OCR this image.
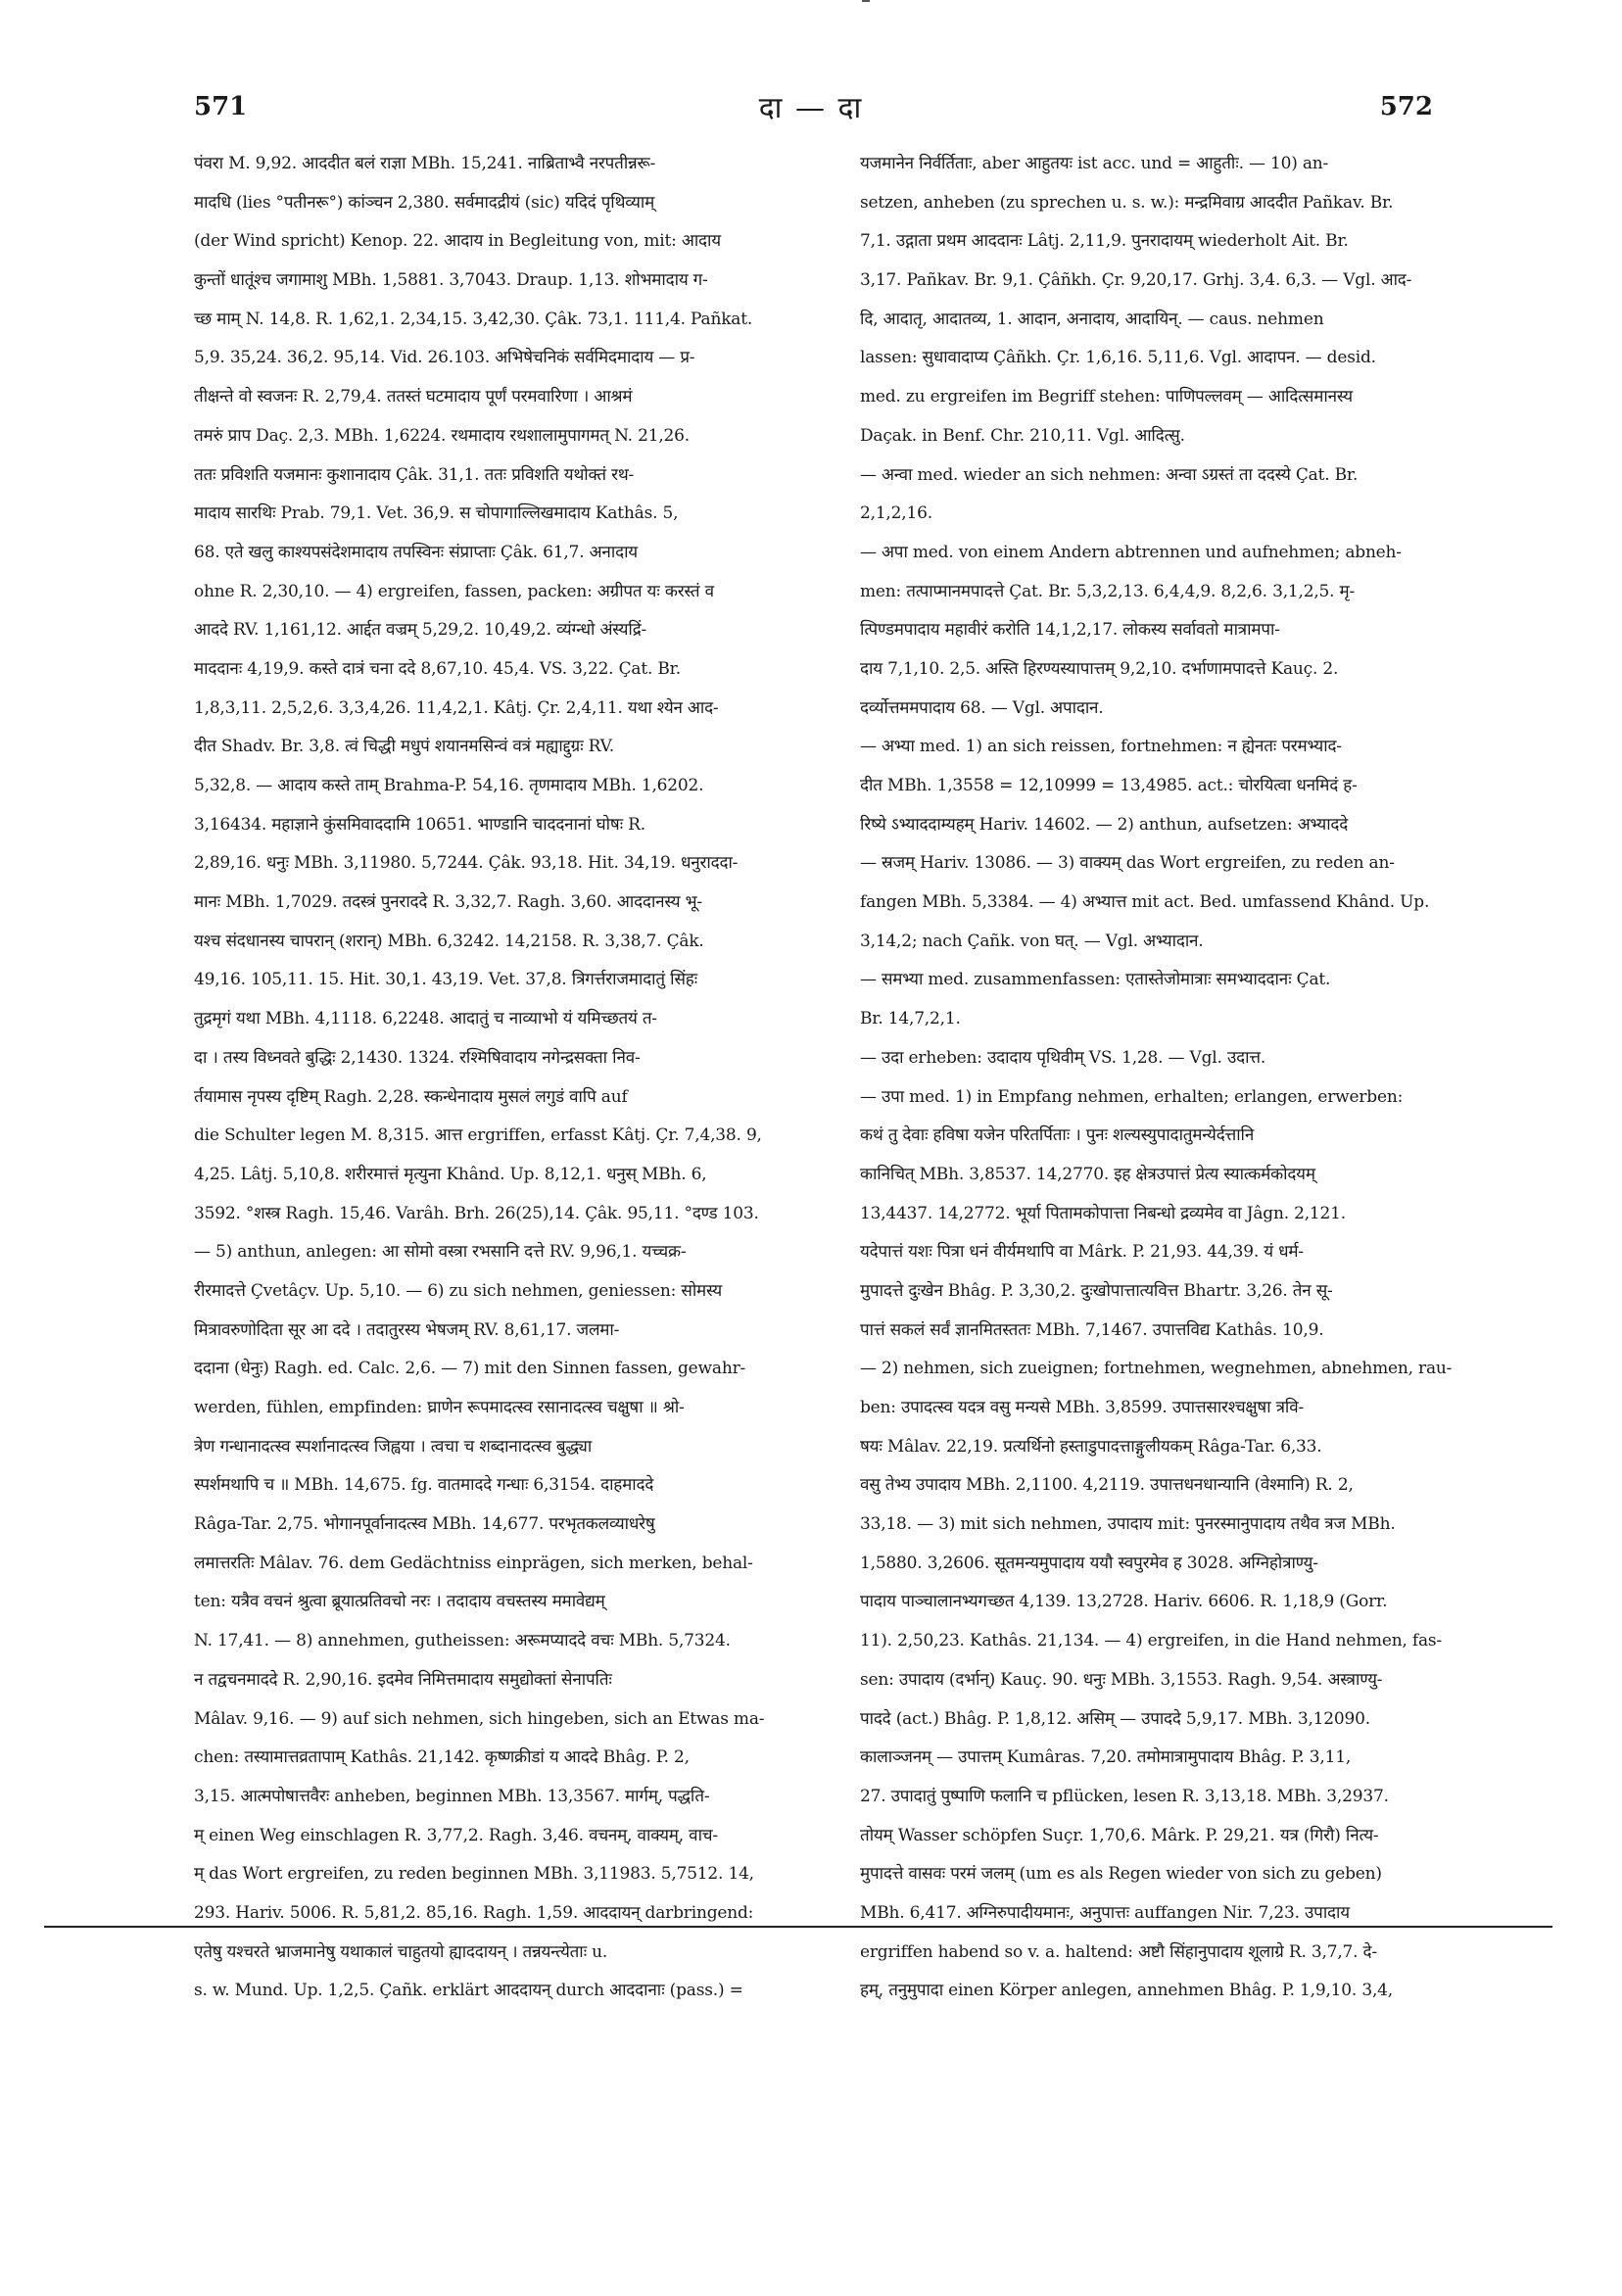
571	दा — दा	572
पंवरा M. 9,92. आददीत बलं राज्ञा MBh. 15,241. नाब्रिताभ्वै नरपतीन्नरू-
मादधि (lies °पतीनरू°) कांञ्चन 2,380. सर्वमादद्रीयं (sic) यदिदं पृथिव्याम्
(der Wind spricht) Kenop. 22. आदाय in Begleitung von, mit: आदाय
कुन्तों धातूंश्च जगामाशु MBh. 1,5881. 3,7043. Draup. 1,13. शोभमादाय ग-
च्छ माम् N. 14,8. R. 1,62,1. 2,34,15. 3,42,30. Çâk. 73,1. 111,4. Pañkat.
5,9. 35,24. 36,2. 95,14. Vid. 26.103. अभिषेचनिकं सर्वमिदमादाय — प्र-
तीक्षन्ते वो स्वजनः R. 2,79,4. ततस्तं घटमादाय पूर्णं परमवारिणा । आश्रमं
तमरुं प्राप Daç. 2,3. MBh. 1,6224. रथमादाय रथशालामुपागमत् N. 21,26.
ततः प्रविशति यजमानः कुशानादाय Çâk. 31,1. ततः प्रविशति यथोक्तं रथ-
मादाय सारथिः Prab. 79,1. Vet. 36,9. स चोपागाल्लिखमादाय Kathâs. 5,
68. एते खलु काश्यपसंदेशमादाय तपस्विनः संप्राप्ताः Çâk. 61,7. अनादाय
ohne R. 2,30,10. — 4) ergreifen, fassen, packen: अग्रीपत यः करस्तं व
आददे RV. 1,161,12. आर्द्दत वज्रम् 5,29,2. 10,49,2. व्यंग्न्धो अंस्यद्रिं-
माददानः 4,19,9. कस्ते दात्रं चना ददे 8,67,10. 45,4. VS. 3,22. Çat. Br.
1,8,3,11. 2,5,2,6. 3,3,4,26. 11,4,2,1. Kâtj. Çr. 2,4,11. यथा श्येन आद-
दीत Shadv. Br. 3,8. त्वं चिद्धी मधुपं शयानमसिन्वं वत्रं मह्याद्दुग्रः RV.
5,32,8. — आदाय कस्ते ताम् Brahma-P. 54,16. तृणमादाय MBh. 1,6202.
3,16434. महाज्ञाने कुंसमिवाददामि 10651. भाण्डानि चाददनानां घोषः R.
2,89,16. धनुः MBh. 3,11980. 5,7244. Çâk. 93,18. Hit. 34,19. धनुराददा-
मानः MBh. 1,7029. तदस्त्रं पुनराददे R. 3,32,7. Ragh. 3,60. आददानस्य भू-
यश्च संदधानस्य चापरान् (शरान्) MBh. 6,3242. 14,2158. R. 3,38,7. Çâk.
49,16. 105,11. 15. Hit. 30,1. 43,19. Vet. 37,8. त्रिगर्त्तराजमादातुं सिंहः
तुद्रमृगं यथा MBh. 4,1118. 6,2248. आदातुं च नाव्याभो यं यमिच्छतयं त-
दा । तस्य विध्नवते बुद्धिः 2,1430. 1324. रश्मिषिवादाय नगेन्द्रसक्ता निव-
र्तयामास नृपस्य दृष्टिम् Ragh. 2,28. स्कन्धेनादाय मुसलं लगुडं वापि auf
die Schulter legen M. 8,315. आत्त ergriffen, erfasst Kâtj. Çr. 7,4,38. 9,
4,25. Lâtj. 5,10,8. शरीरमात्तं मृत्युना Khând. Up. 8,12,1. धनुस् MBh. 6,
3592. °शस्त्र Ragh. 15,46. Varâh. Brh. 26(25),14. Çâk. 95,11. °दण्ड 103.
— 5) anthun, anlegen: आ सोमो वस्त्रा रभसानि दत्ते RV. 9,96,1. यच्चक्र-
रीरमादत्ते Çvetâçv. Up. 5,10. — 6) zu sich nehmen, geniessen: सोमस्य
मित्रावरुणोदिता सूर आ ददे । तदातुरस्य भेषजम् RV. 8,61,17. जलमा-
ददाना (धेनुः) Ragh. ed. Calc. 2,6. — 7) mit den Sinnen fassen, gewahr-
werden, fühlen, empfinden: घ्राणेन रूपमादत्स्व रसानादत्स्व चक्षुषा ॥ श्रो-
त्रेण गन्धानादत्स्व स्पर्शानादत्स्व जिह्वया । त्वचा च शब्दानादत्स्व बुद्ध्या
स्पर्शमथापि च ॥ MBh. 14,675. fg. वातमाददे गन्धाः 6,3154. दाहमाददे
Râga-Tar. 2,75. भोगानपूर्वानादत्स्व MBh. 14,677. परभृतकलव्याधरेषु
लमात्तरतिः Mâlav. 76. dem Gedächtniss einprägen, sich merken, behal-
ten: यत्रैव वचनं श्रुत्वा ब्रूयात्प्रतिवचो नरः । तदादाय वचस्तस्य ममावेद्यम्
N. 17,41. — 8) annehmen, gutheissen: अरूमप्याददे वचः MBh. 5,7324.
न तद्वचनमाददे R. 2,90,16. इदमेव निमित्तमादाय समुद्योक्तां सेनापतिः
Mâlav. 9,16. — 9) auf sich nehmen, sich hingeben, sich an Etwas ma-
chen: तस्यामात्तव्रतापाम् Kathâs. 21,142. कृष्णक्रीडां य आददे Bhâg. P. 2,
3,15. आत्मपोषात्तवैरः anheben, beginnen MBh. 13,3567. मार्गम्, पद्धति-
म् einen Weg einschlagen R. 3,77,2. Ragh. 3,46. वचनम्, वाक्यम्, वाच-
म् das Wort ergreifen, zu reden beginnen MBh. 3,11983. 5,7512. 14,
293. Hariv. 5006. R. 5,81,2. 85,16. Ragh. 1,59. आददायन् darbringend:
एतेषु यश्चरते भ्राजमानेषु यथाकालं चाहुतयो ह्याददायन् । तन्नयन्त्येताः u.
s. w. Mund. Up. 1,2,5. Çañk. erklärt आददायन् durch आददानाः (pass.) =
यजमानेन निर्वर्तिताः, aber आहुतयः ist acc. und = आहुतीः. — 10) an-
setzen, anheben (zu sprechen u. s. w.): मन्द्रमिवाग्र आददीत Pañkav. Br.
7,1. उद्गाता प्रथम आददानः Lâtj. 2,11,9. पुनरादायम् wiederholt Ait. Br.
3,17. Pañkav. Br. 9,1. Çâñkh. Çr. 9,20,17. Grhj. 3,4. 6,3. — Vgl. आद-
दि, आदातृ, आदातव्य, 1. आदान, अनादाय, आदायिन्. — caus. nehmen
lassen: सुधावादाप्य Çâñkh. Çr. 1,6,16. 5,11,6. Vgl. आदापन. — desid.
med. zu ergreifen im Begriff stehen: पाणिपल्लवम् — आदित्समानस्य
Daçak. in Benf. Chr. 210,11. Vgl. आदित्सु.
— अन्वा med. wieder an sich nehmen: अन्वा ऽग्रस्तं ता ददस्ये Çat. Br.
2,1,2,16.
— अपा med. von einem Andern abtrennen und aufnehmen; abneh-
men: तत्पाप्मानमपादत्ते Çat. Br. 5,3,2,13. 6,4,4,9. 8,2,6. 3,1,2,5. मृ-
त्पिण्डमपादाय महावीरं करोति 14,1,2,17. लोकस्य सर्वावतो मात्रामपा-
दाय 7,1,10. 2,5. अस्ति हिरण्यस्यापात्तम् 9,2,10. दर्भाणामपादत्ते Kauç. 2.
दर्व्योत्तममपादाय 68. — Vgl. अपादान.
— अभ्या med. 1) an sich reissen, fortnehmen: न ह्येनतः परमभ्याद-
दीत MBh. 1,3558 = 12,10999 = 13,4985. act.: चोरयित्वा धनमिदं ह-
रिष्ये ऽभ्याददाम्यहम् Hariv. 14602. — 2) anthun, aufsetzen: अभ्याददे
— स्रजम् Hariv. 13086. — 3) वाक्यम् das Wort ergreifen, zu reden an-
fangen MBh. 5,3384. — 4) अभ्यात्त mit act. Bed. umfassend Khând. Up.
3,14,2; nach Çañk. von घत्. — Vgl. अभ्यादान.
— समभ्या med. zusammenfassen: एतास्तेजोमात्राः समभ्याददानः Çat.
Br. 14,7,2,1.
— उदा erheben: उदादाय पृथिवीम् VS. 1,28. — Vgl. उदात्त.
— उपा med. 1) in Empfang nehmen, erhalten; erlangen, erwerben:
कथं तु देवाः हविषा यजेन परितर्पिताः । पुनः शल्यस्युपादातुमन्येर्दत्तानि
कानिचित् MBh. 3,8537. 14,2770. इह क्षेत्रउपात्तं प्रेत्य स्यात्कर्मकोदयम्
13,4437. 14,2772. भूर्या पितामकोपात्ता निबन्धो द्रव्यमेव वा Jâgn. 2,121.
यदेपात्तं यशः पित्रा धनं वीर्यमथापि वा Mârk. P. 21,93. 44,39. यं धर्म-
मुपादत्ते दुःखेन Bhâg. P. 3,30,2. दुःखोपात्तात्यवित्त Bhartr. 3,26. तेन सू-
पात्तं सकलं सर्वं ज्ञानमितस्ततः MBh. 7,1467. उपात्तविद्य Kathâs. 10,9.
— 2) nehmen, sich zueignen; fortnehmen, wegnehmen, abnehmen, rau-
ben: उपादत्स्व यदत्र वसु मन्यसे MBh. 3,8599. उपात्तसारश्चक्षुषा त्रवि-
षयः Mâlav. 22,19. प्रत्यर्थिनो हस्ताडुपादत्ताङ्गुलीयकम् Râga-Tar. 6,33.
वसु तेभ्य उपादाय MBh. 2,1100. 4,2119. उपात्तधनधान्यानि (वेश्मानि) R. 2,
33,18. — 3) mit sich nehmen, उपादाय mit: पुनरस्मानुपादाय तथैव त्रज MBh.
1,5880. 3,2606. सूतमन्यमुपादाय ययौ स्वपुरमेव ह 3028. अग्निहोत्राण्यु-
पादाय पाञ्चालानभ्यगच्छत 4,139. 13,2728. Hariv. 6606. R. 1,18,9 (Gorr.
11). 2,50,23. Kathâs. 21,134. — 4) ergreifen, in die Hand nehmen, fas-
sen: उपादाय (दर्भान्) Kauç. 90. धनुः MBh. 3,1553. Ragh. 9,54. अस्त्राण्यु-
पाददे (act.) Bhâg. P. 1,8,12. असिम् — उपाददे 5,9,17. MBh. 3,12090.
कालाञ्जनम् — उपात्तम् Kumâras. 7,20. तमोमात्रामुपादाय Bhâg. P. 3,11,
27. उपादातुं पुष्पाणि फलानि च pflücken, lesen R. 3,13,18. MBh. 3,2937.
तोयम् Wasser schöpfen Suçr. 1,70,6. Mârk. P. 29,21. यत्र (गिरौ) नित्य-
मुपादत्ते वासवः परमं जलम् (um es als Regen wieder von sich zu geben)
MBh. 6,417. अग्निरुपादीयमानः, अनुपात्तः auffangen Nir. 7,23. उपादाय
ergriffen habend so v. a. haltend: अष्टौ सिंहानुपादाय शूलाग्रे R. 3,7,7. दे-
हम्, तनुमुपादा einen Körper anlegen, annehmen Bhâg. P. 1,9,10. 3,4,
